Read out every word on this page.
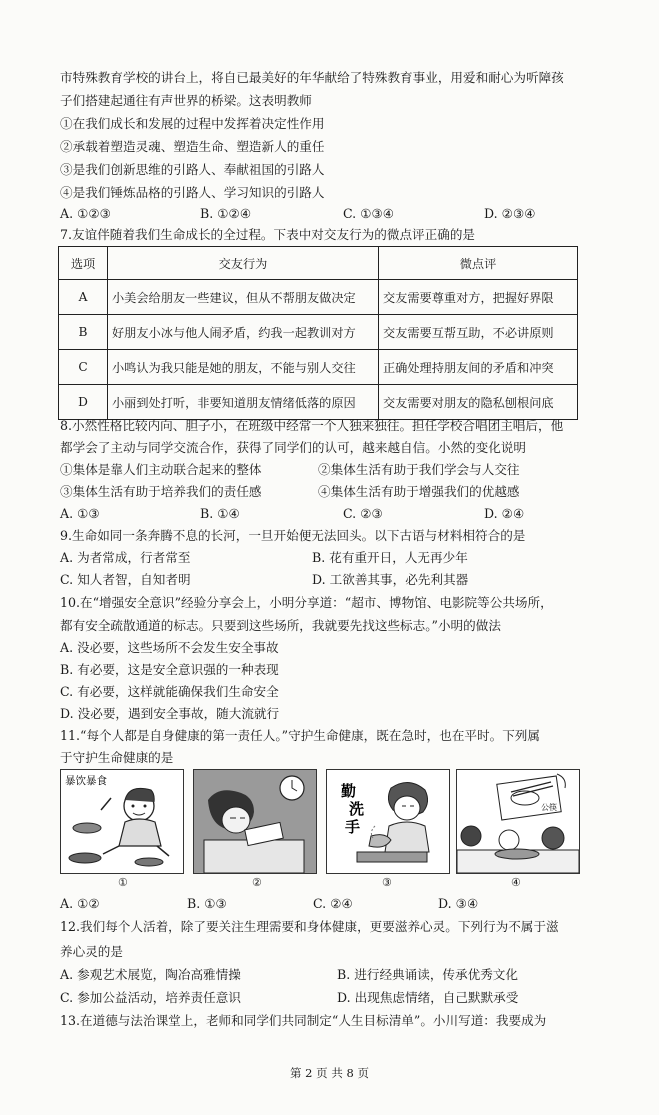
市特殊教育学校的讲台上，将自已最美好的年华献给了特殊教育事业，用爱和耐心为听障孩
子们搭建起通往有声世界的桥梁。这表明教师
①在我们成长和发展的过程中发挥着决定性作用
②承载着塑造灵魂、塑造生命、塑造新人的重任
③是我们创新思维的引路人、奉献祖国的引路人
④是我们锤炼品格的引路人、学习知识的引路人
A. ①②③	B. ①②④	C. ①③④	D. ②③④
7.友谊伴随着我们生命成长的全过程。下表中对交友行为的微点评正确的是
选项	交友行为	微点评
A	小美会给朋友一些建议，但从不帮朋友做决定	交友需要尊重对方，把握好界限
B	好朋友小冰与他人闹矛盾，约我一起教训对方	交友需要互帮互助，不必讲原则
C	小鸣认为我只能是她的朋友，不能与别人交往	正确处理持朋友间的矛盾和冲突
D	小丽到处打听，非要知道朋友情绪低落的原因	交友需要对朋友的隐私刨根问底
8.小然性格比较内向、胆子小，在班级中经常一个人独来独往。担任学校合唱团主唱后，他
都学会了主动与同学交流合作，获得了同学们的认可，越来越自信。小然的变化说明
①集体是靠人们主动联合起来的整体	②集体生活有助于我们学会与人交往
③集体生活有助于培养我们的责任感	④集体生活有助于增强我们的优越感
A. ①③	B. ①④	C. ②③	D. ②④
9.生命如同一条奔腾不息的长河，一旦开始便无法回头。以下古语与材料相符合的是
A. 为者常成，行者常至	B. 花有重开日，人无再少年
C. 知人者智，自知者明	D. 工欲善其事，必先利其器
10.在“增强安全意识”经验分享会上，小明分享道：“超市、博物馆、电影院等公共场所，
都有安全疏散通道的标志。只要到这些场所，我就要先找这些标志。”小明的做法
A. 没必要，这些场所不会发生安全事故
B. 有必要，这是安全意识强的一种表现
C. 有必要，这样就能确保我们生命安全
D. 没必要，遇到安全事故，随大流就行
11.“每个人都是自身健康的第一责任人。”守护生命健康，既在急时，也在平时。下列属
于守护生命健康的是
暴饮暴食
勤
洗
手
公筷
①	②	③	④
A. ①②	B. ①③	C. ②④	D. ③④
12.我们每个人活着，除了要关注生理需要和身体健康，更要滋养心灵。下列行为不属于滋
养心灵的是
A. 参观艺术展览，陶冶高雅情操	B. 进行经典诵读，传承优秀文化
C. 参加公益活动，培养责任意识	D. 出现焦虑情绪，自己默默承受
13.在道德与法治课堂上，老师和同学们共同制定“人生目标清单”。小川写道：我要成为
第 2 页 共 8 页
